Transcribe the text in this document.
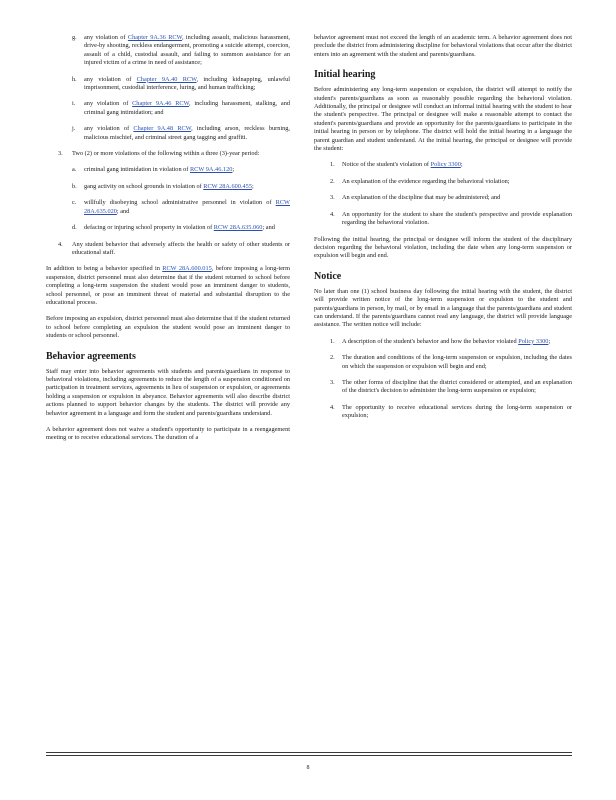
g.	any violation of Chapter 9A.36 RCW, including assault, malicious harassment, drive-by shooting, reckless endangerment, promoting a suicide attempt, coercion, assault of a child, custodial assault, and failing to summon assistance for an injured victim of a crime in need of assistance;
h.	any violation of Chapter 9A.40 RCW, including kidnapping, unlawful imprisonment, custodial interference, luring, and human trafficking;
i.	any violation of Chapter 9A.46 RCW, including harassment, stalking, and criminal gang intimidation; and
j.	any violation of Chapter 9A.48 RCW, including arson, reckless burning, malicious mischief, and criminal street gang tagging and graffiti.
3.	Two (2) or more violations of the following within a three (3)-year period:
a.	criminal gang intimidation in violation of RCW 9A.46.120;
b.	gang activity on school grounds in violation of RCW 28A.600.455;
c.	willfully disobeying school administrative personnel in violation of RCW 28A.635.020; and
d.	defacing or injuring school property in violation of RCW 28A.635.060; and
4.	Any student behavior that adversely affects the health or safety of other students or educational staff.

In addition to being a behavior specified in RCW 28A.600.015, before imposing a long-term suspension, district personnel must also determine that if the student returned to school before completing a long-term suspension the student would pose an imminent danger to students, school personnel, or pose an imminent threat of material and substantial disruption to the educational process.

Before imposing an expulsion, district personnel must also determine that if the student returned to school before completing an expulsion the student would pose an imminent danger to students or school personnel.

Behavior agreements

Staff may enter into behavior agreements with students and parents/guardians in response to behavioral violations, including agreements to reduce the length of a suspension conditioned on participation in treatment services, agreements in lieu of suspension or expulsion, or agreements holding a suspension or expulsion in abeyance. Behavior agreements will also describe district actions planned to support behavior changes by the students. The district will provide any behavior agreement in a language and form the student and parents/guardians understand.

A behavior agreement does not waive a student's opportunity to participate in a reengagement meeting or to receive educational services. The duration of a

behavior agreement must not exceed the length of an academic term. A behavior agreement does not preclude the district from administering discipline for behavioral violations that occur after the district enters into an agreement with the student and parents/guardians.

Initial hearing

Before administering any long-term suspension or expulsion, the district will attempt to notify the student's parents/guardians as soon as reasonably possible regarding the behavioral violation. Additionally, the principal or designee will conduct an informal initial hearing with the student to hear the student's perspective. The principal or designee will make a reasonable attempt to contact the student's parents/guardians and provide an opportunity for the parents/guardians to participate in the initial hearing in person or by telephone. The district will hold the initial hearing in a language the parent guardian and student understand. At the initial hearing, the principal or designee will provide the student:

1.	Notice of the student's violation of Policy 3300;
2.	An explanation of the evidence regarding the behavioral violation;
3.	An explanation of the discipline that may be administered; and
4.	An opportunity for the student to share the student's perspective and provide explanation regarding the behavioral violation.

Following the initial hearing, the principal or designee will inform the student of the disciplinary decision regarding the behavioral violation, including the date when any long-term suspension or expulsion will begin and end.

Notice

No later than one (1) school business day following the initial hearing with the student, the district will provide written notice of the long-term suspension or expulsion to the student and parents/guardians in person, by mail, or by email in a language that the parents/guardians and student can understand. If the parents/guardians cannot read any language, the district will provide language assistance. The written notice will include:

1.	A description of the student's behavior and how the behavior violated Policy 3300;
2.	The duration and conditions of the long-term suspension or expulsion, including the dates on which the suspension or expulsion will begin and end;
3.	The other forms of discipline that the district considered or attempted, and an explanation of the district's decision to administer the long-term suspension or expulsion;
4.	The opportunity to receive educational services during the long-term suspension or expulsion;
8
